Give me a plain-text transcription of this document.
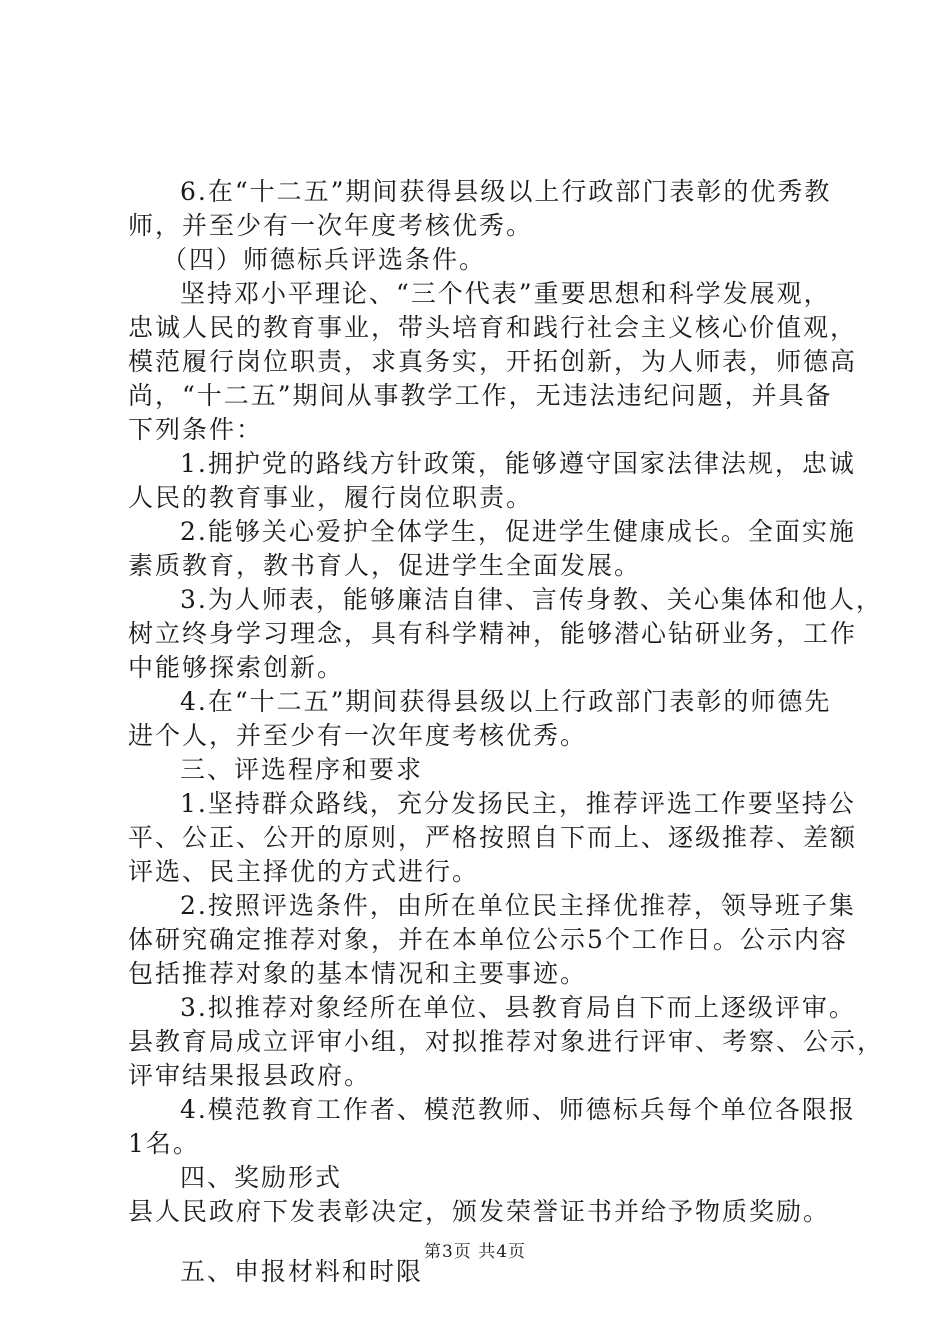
6.在“十二五”期间获得县级以上行政部门表彰的优秀教
师，并至少有一次年度考核优秀。
（四）师德标兵评选条件。
坚持邓小平理论、“三个代表”重要思想和科学发展观，
忠诚人民的教育事业，带头培育和践行社会主义核心价值观，
模范履行岗位职责，求真务实，开拓创新，为人师表，师德高
尚，“十二五”期间从事教学工作，无违法违纪问题，并具备
下列条件：
1.拥护党的路线方针政策，能够遵守国家法律法规，忠诚
人民的教育事业，履行岗位职责。
2.能够关心爱护全体学生，促进学生健康成长。全面实施
素质教育，教书育人，促进学生全面发展。
3.为人师表，能够廉洁自律、言传身教、关心集体和他人，
树立终身学习理念，具有科学精神，能够潜心钻研业务，工作
中能够探索创新。
4.在“十二五”期间获得县级以上行政部门表彰的师德先
进个人，并至少有一次年度考核优秀。
三、评选程序和要求
1.坚持群众路线，充分发扬民主，推荐评选工作要坚持公
平、公正、公开的原则，严格按照自下而上、逐级推荐、差额
评选、民主择优的方式进行。
2.按照评选条件，由所在单位民主择优推荐，领导班子集
体研究确定推荐对象，并在本单位公示5个工作日。公示内容
包括推荐对象的基本情况和主要事迹。
3.拟推荐对象经所在单位、县教育局自下而上逐级评审。
县教育局成立评审小组，对拟推荐对象进行评审、考察、公示，
评审结果报县政府。
4.模范教育工作者、模范教师、师德标兵每个单位各限报
1名。
四、奖励形式
县人民政府下发表彰决定，颁发荣誉证书并给予物质奖励。
五、申报材料和时限
第3页 共4页
